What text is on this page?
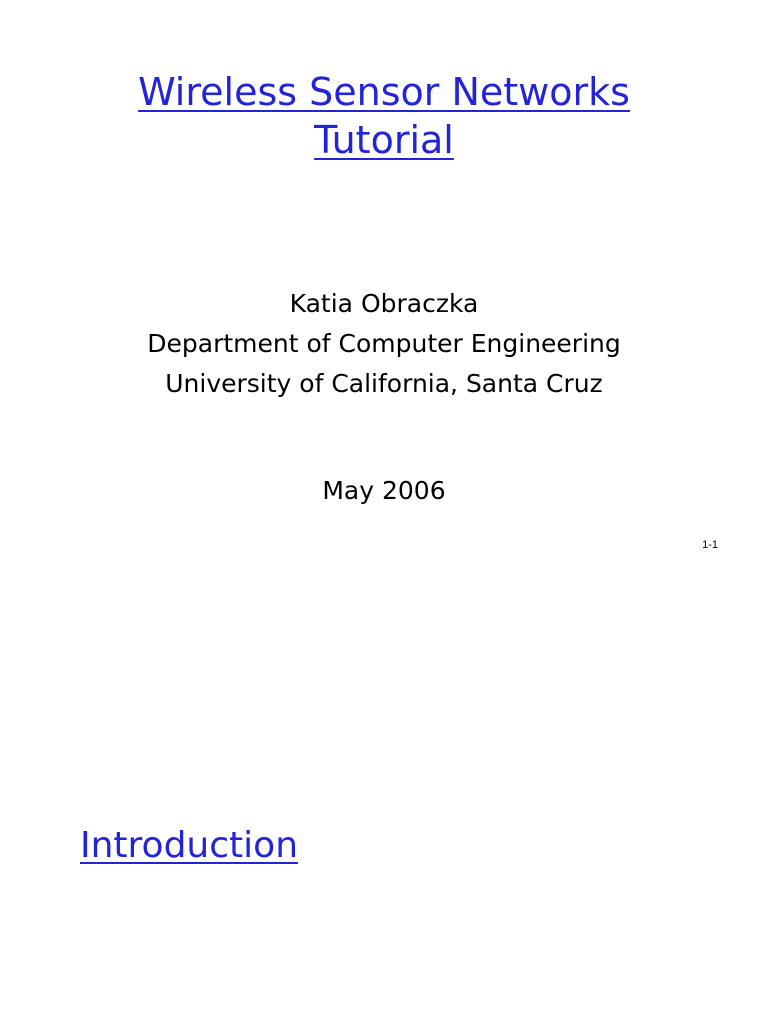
Wireless Sensor Networks
Tutorial
Katia Obraczka
Department of Computer Engineering
University of California, Santa Cruz
May 2006
1-1
Introduction
